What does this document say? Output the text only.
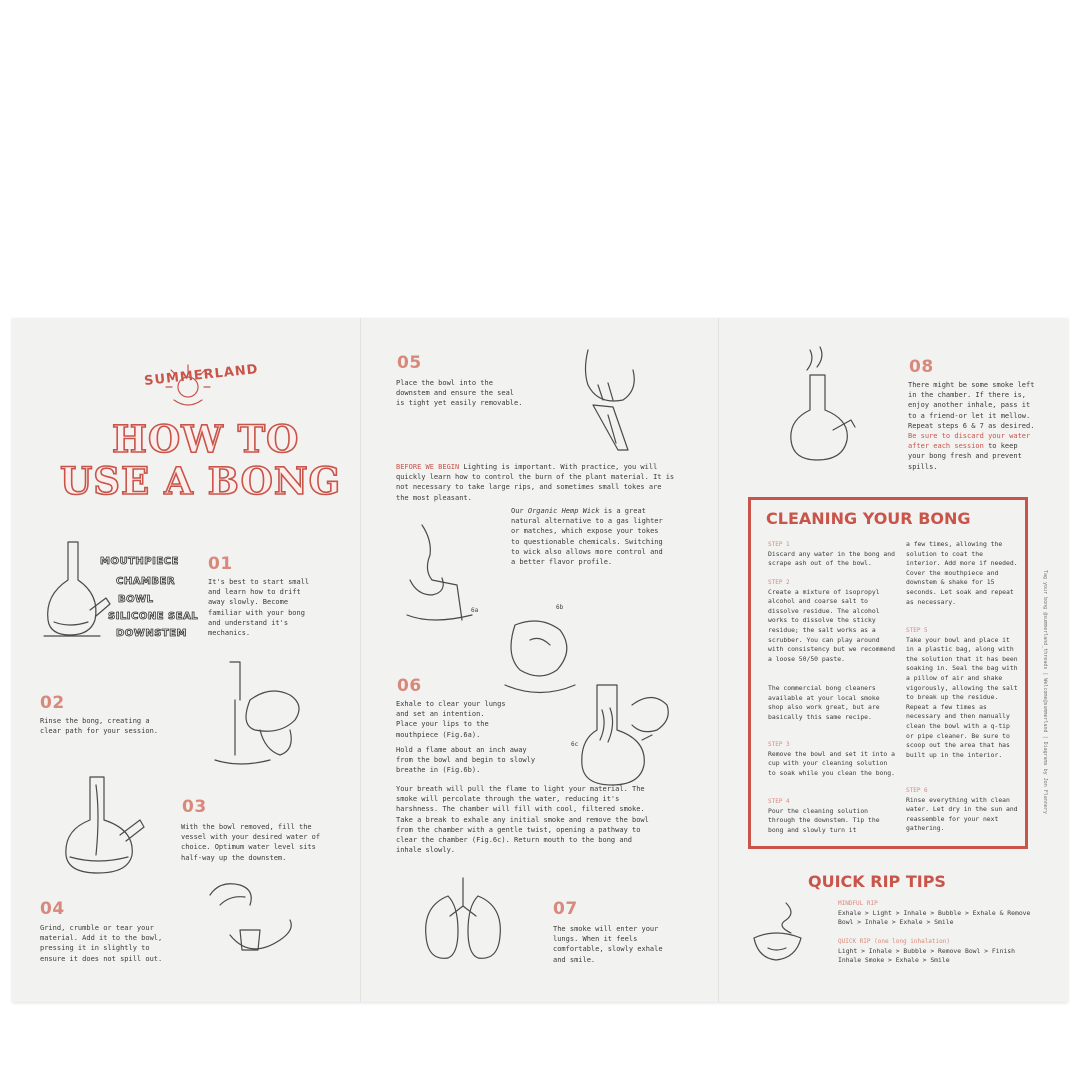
SUMMERLAND
HOW TO
USE A BONG
MOUTHPIECE
CHAMBER
BOWL
SILICONE SEAL
DOWNSTEM
01
It's best to start small and learn how to drift away slowly. Become familiar with your bong and understand it's mechanics.
02
Rinse the bong, creating a clear path for your session.
03
With the bowl removed, fill the vessel with your desired water of choice. Optimum water level sits half-way up the downstem.
04
Grind, crumble or tear your material. Add it to the bowl, pressing it in slightly to ensure it does not spill out.
05
Place the bowl into the downstem and ensure the seal is tight yet easily removable.
BEFORE WE BEGIN Lighting is important. With practice, you will quickly learn how to control the burn of the plant material. It is not necessary to take large rips, and sometimes small tokes are the most pleasant.
Our Organic Hemp Wick is a great natural alternative to a gas lighter or matches, which expose your tokes to questionable chemicals. Switching to wick also allows more control and a better flavor profile.
6a	6b
06
Exhale to clear your lungs and set an intention. Place your lips to the mouthpiece (Fig.6a).
Hold a flame about an inch away from the bowl and begin to slowly breathe in (Fig.6b).
Your breath will pull the flame to light your material. The smoke will percolate through the water, reducing it's harshness. The chamber will fill with cool, filtered smoke. Take a break to exhale any initial smoke and remove the bowl from the chamber with a gentle twist, opening a pathway to clear the chamber (Fig.6c). Return mouth to the bong and inhale slowly.
6c
07
The smoke will enter your lungs. When it feels comfortable, slowly exhale and smile.
08
There might be some smoke left in the chamber. If there is, enjoy another inhale, pass it to a friend-or let it mellow. Repeat steps 6 & 7 as desired. Be sure to discard your water after each session to keep your bong fresh and prevent spills.
CLEANING YOUR BONG
STEP 1
Discard any water in the bong and scrape ash out of the bowl.
STEP 2
Create a mixture of isopropyl alcohol and coarse salt to dissolve residue. The alcohol works to dissolve the sticky residue; the salt works as a scrubber. You can play around with consistency but we recommend a loose 50/50 paste.
The commercial bong cleaners available at your local smoke shop also work great, but are basically this same recipe.
STEP 3
Remove the bowl and set it into a cup with your cleaning solution to soak while you clean the bong.
STEP 4
Pour the cleaning solution through the downstem. Tip the bong and slowly turn it
a few times, allowing the solution to coat the interior. Add more if needed. Cover the mouthpiece and downstem & shake for 15 seconds. Let soak and repeat as necessary.
STEP 5
Take your bowl and place it in a plastic bag, along with the solution that it has been soaking in. Seal the bag with a pillow of air and shake vigorously, allowing the salt to break up the residue. Repeat a few times as necessary and then manually clean the bowl with a q-tip or pipe cleaner. Be sure to scoop out the area that has built up in the interior.
STEP 6
Rinse everything with clean water. Let dry in the sun and reassemble for your next gathering.
Tag your bong @summerland_threads | Welcome@summerland | Diagrams by Jon Flannery
QUICK RIP TIPS
MINDFUL RIP
Exhale > Light > Inhale > Bubble > Exhale & Remove Bowl > Inhale > Exhale > Smile
QUICK RIP (one long inhalation)
Light > Inhale > Bubble > Remove Bowl > Finish Inhale Smoke > Exhale > Smile
